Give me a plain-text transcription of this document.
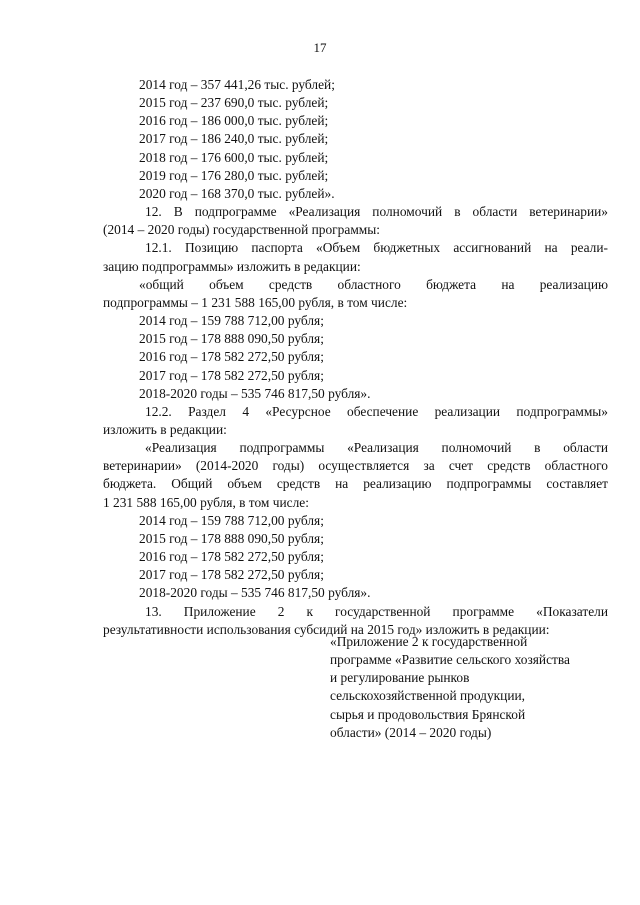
17
2014 год – 357 441,26 тыс. рублей;
2015 год – 237 690,0 тыс. рублей;
2016 год – 186 000,0 тыс. рублей;
2017 год – 186 240,0 тыс. рублей;
2018 год – 176 600,0 тыс. рублей;
2019 год – 176 280,0 тыс. рублей;
2020 год – 168 370,0 тыс. рублей».
12. В подпрограмме «Реализация полномочий в области ветеринарии»
(2014 – 2020 годы) государственной программы:
12.1. Позицию паспорта «Объем бюджетных ассигнований на реали-
зацию подпрограммы» изложить в редакции:
«общий объем средств областного бюджета на реализацию
подпрограммы – 1 231 588 165,00 рубля, в том числе:
2014 год – 159 788 712,00 рубля;
2015 год – 178 888 090,50 рубля;
2016 год – 178 582 272,50 рубля;
2017 год – 178 582 272,50 рубля;
2018-2020 годы – 535 746 817,50 рубля».
12.2. Раздел 4 «Ресурсное обеспечение реализации подпрограммы»
изложить в редакции:
«Реализация подпрограммы «Реализация полномочий в области
ветеринарии» (2014-2020 годы) осуществляется за счет средств областного
бюджета. Общий объем средств на реализацию подпрограммы составляет
1 231 588 165,00 рубля, в том числе:
2014 год – 159 788 712,00 рубля;
2015 год – 178 888 090,50 рубля;
2016 год – 178 582 272,50 рубля;
2017 год – 178 582 272,50 рубля;
2018-2020 годы – 535 746 817,50 рубля».
13. Приложение 2 к государственной программе «Показатели
результативности использования субсидий на 2015 год» изложить в редакции:
«Приложение 2 к государственной
программе «Развитие сельского хозяйства
и регулирование рынков
сельскохозяйственной продукции,
сырья и продовольствия Брянской
области» (2014 – 2020 годы)
